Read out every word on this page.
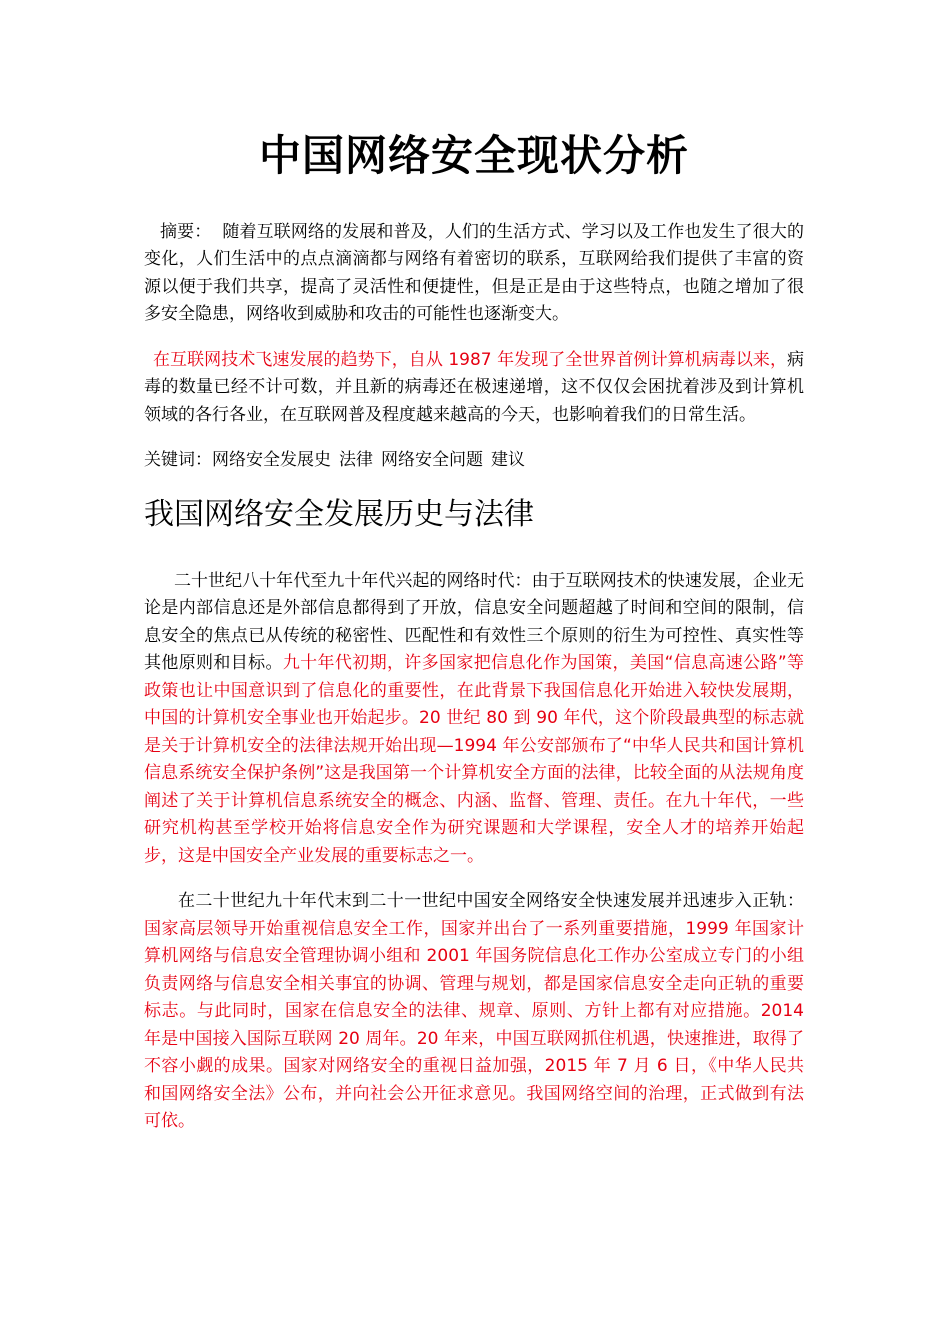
中国网络安全现状分析

摘要： 随着互联网络的发展和普及，人们的生活方式、学习以及工作也发生了很大的变化，人们生活中的点点滴滴都与网络有着密切的联系，互联网给我们提供了丰富的资源以便于我们共享，提高了灵活性和便捷性，但是正是由于这些特点，也随之增加了很多安全隐患，网络收到威胁和攻击的可能性也逐渐变大。

在互联网技术飞速发展的趋势下，自从 1987 年发现了全世界首例计算机病毒以来，病毒的数量已经不计可数，并且新的病毒还在极速递增，这不仅仅会困扰着涉及到计算机领域的各行各业，在互联网普及程度越来越高的今天，也影响着我们的日常生活。

关键词：网络安全发展史 法律 网络安全问题 建议

我国网络安全发展历史与法律

二十世纪八十年代至九十年代兴起的网络时代：由于互联网技术的快速发展，企业无论是内部信息还是外部信息都得到了开放，信息安全问题超越了时间和空间的限制，信息安全的焦点已从传统的秘密性、匹配性和有效性三个原则的衍生为可控性、真实性等其他原则和目标。九十年代初期，许多国家把信息化作为国策，美国“信息高速公路”等政策也让中国意识到了信息化的重要性，在此背景下我国信息化开始进入较快发展期，中国的计算机安全事业也开始起步。20 世纪 80 到 90 年代，这个阶段最典型的标志就是关于计算机安全的法律法规开始出现—1994 年公安部颁布了“中华人民共和国计算机信息系统安全保护条例”这是我国第一个计算机安全方面的法律，比较全面的从法规角度阐述了关于计算机信息系统安全的概念、内涵、监督、管理、责任。在九十年代，一些研究机构甚至学校开始将信息安全作为研究课题和大学课程，安全人才的培养开始起步，这是中国安全产业发展的重要标志之一。

在二十世纪九十年代末到二十一世纪中国安全网络安全快速发展并迅速步入正轨：国家高层领导开始重视信息安全工作，国家并出台了一系列重要措施，1999 年国家计算机网络与信息安全管理协调小组和 2001 年国务院信息化工作办公室成立专门的小组负责网络与信息安全相关事宜的协调、管理与规划，都是国家信息安全走向正轨的重要标志。与此同时，国家在信息安全的法律、规章、原则、方针上都有对应措施。2014 年是中国接入国际互联网 20 周年。20 年来，中国互联网抓住机遇，快速推进，取得了不容小觑的成果。国家对网络安全的重视日益加强，2015 年 7 月 6 日，《中华人民共和国网络安全法》公布，并向社会公开征求意见。我国网络空间的治理，正式做到有法可依。
